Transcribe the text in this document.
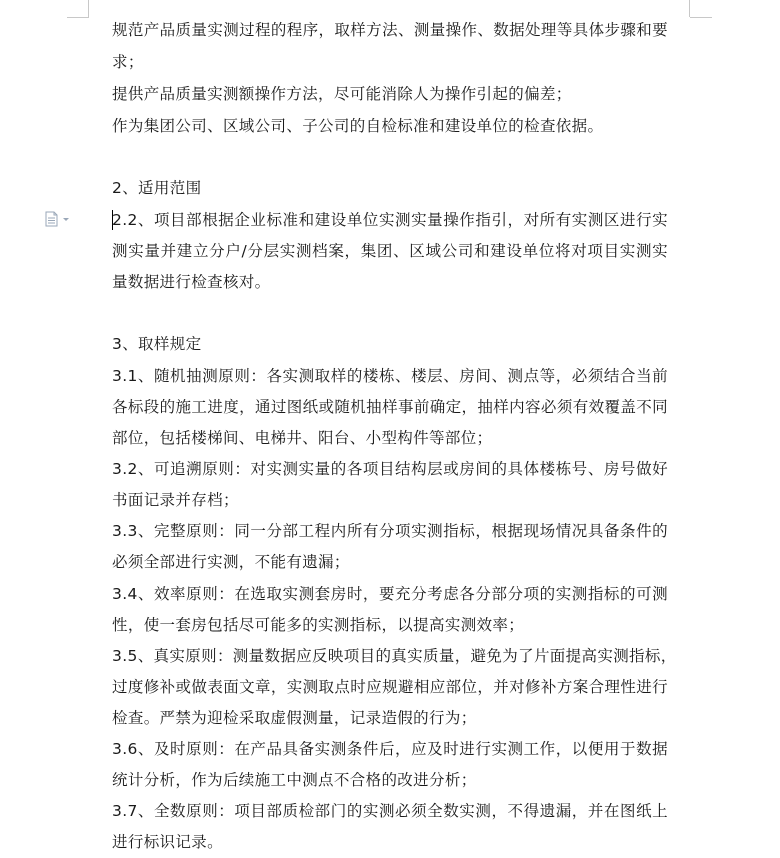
规范产品质量实测过程的程序，取样方法、测量操作、数据处理等具体步骤和要
求；
提供产品质量实测额操作方法，尽可能消除人为操作引起的偏差；
作为集团公司、区域公司、子公司的自检标准和建设单位的检查依据。
2、适用范围
2.2、项目部根据企业标准和建设单位实测实量操作指引，对所有实测区进行实
测实量并建立分户/分层实测档案，集团、区域公司和建设单位将对项目实测实
量数据进行检查核对。
3、取样规定
3.1、随机抽测原则：各实测取样的楼栋、楼层、房间、测点等，必须结合当前
各标段的施工进度，通过图纸或随机抽样事前确定，抽样内容必须有效覆盖不同
部位，包括楼梯间、电梯井、阳台、小型构件等部位；
3.2、可追溯原则：对实测实量的各项目结构层或房间的具体楼栋号、房号做好
书面记录并存档；
3.3、完整原则：同一分部工程内所有分项实测指标，根据现场情况具备条件的
必须全部进行实测，不能有遗漏；
3.4、效率原则：在选取实测套房时，要充分考虑各分部分项的实测指标的可测
性，使一套房包括尽可能多的实测指标，以提高实测效率；
3.5、真实原则：测量数据应反映项目的真实质量，避免为了片面提高实测指标，
过度修补或做表面文章，实测取点时应规避相应部位，并对修补方案合理性进行
检查。严禁为迎检采取虚假测量，记录造假的行为；
3.6、及时原则：在产品具备实测条件后，应及时进行实测工作，以便用于数据
统计分析，作为后续施工中测点不合格的改进分析；
3.7、全数原则：项目部质检部门的实测必须全数实测，不得遗漏，并在图纸上
进行标识记录。
